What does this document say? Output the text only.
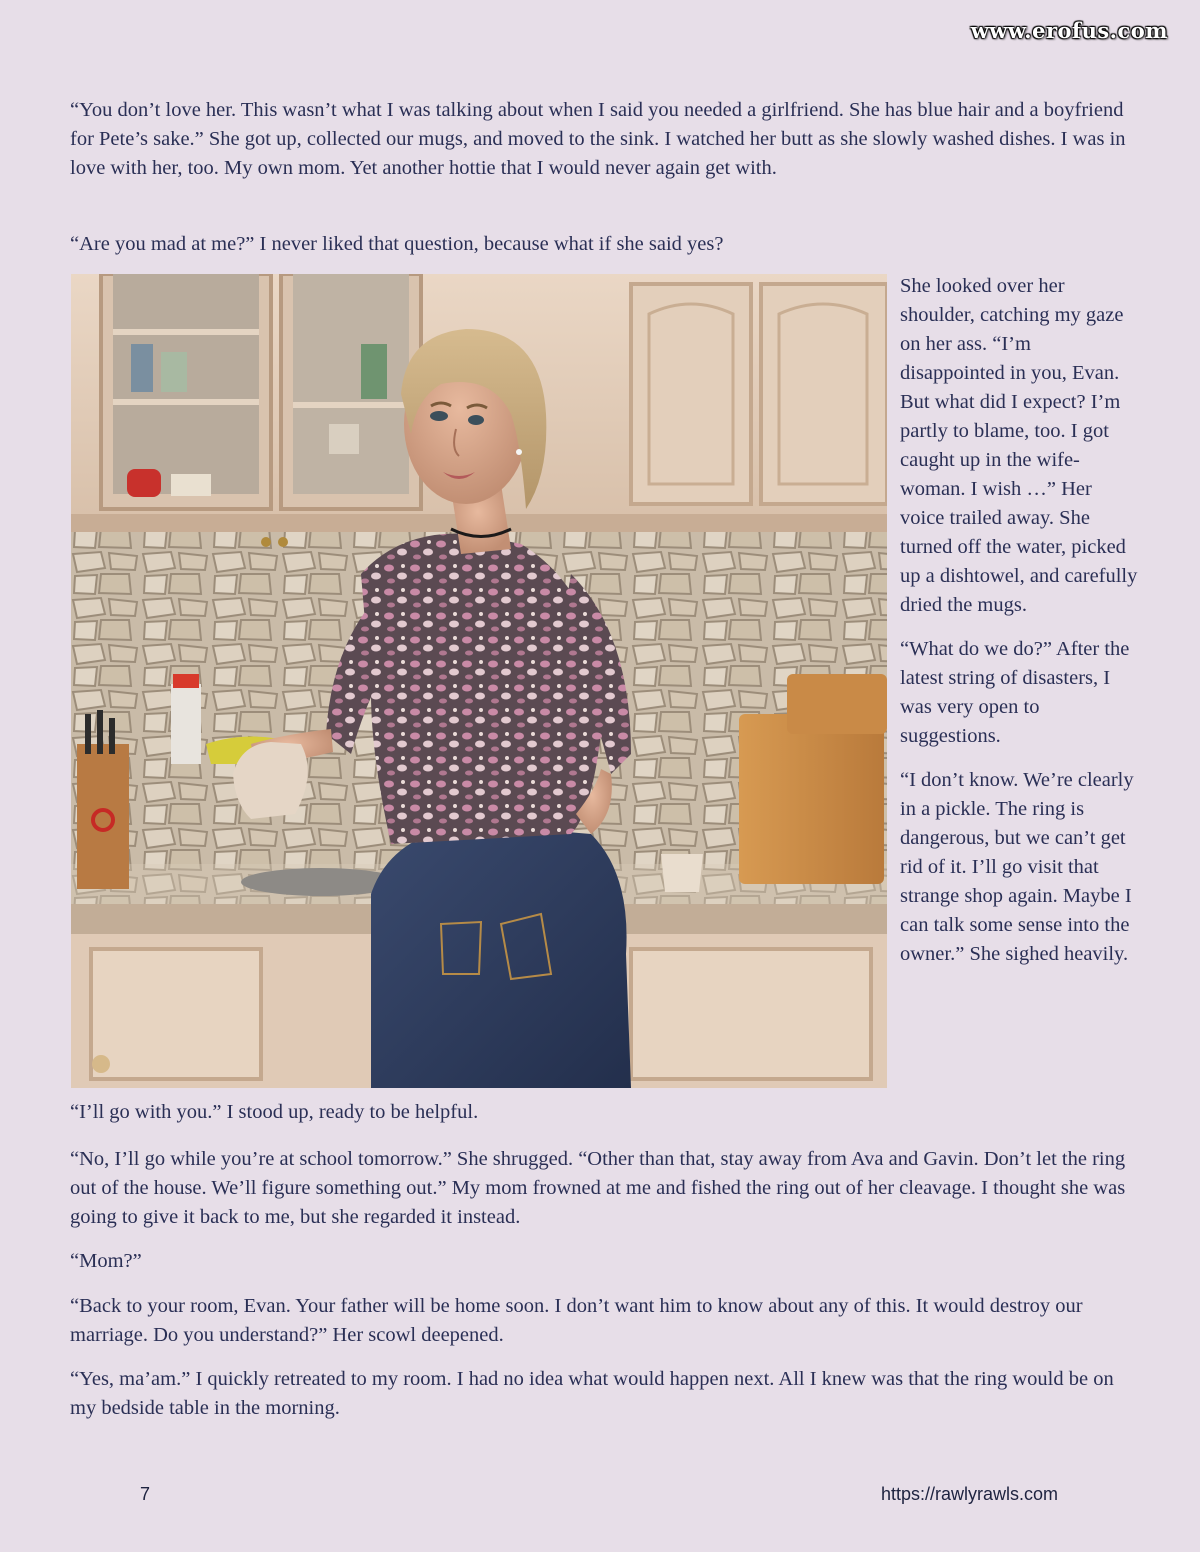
www.erofus.com

“You don’t love her. This wasn’t what I was talking about when I said you needed a girlfriend. She has blue hair and a boyfriend for Pete’s sake.” She got up, collected our mugs, and moved to the sink. I watched her butt as she slowly washed dishes. I was in love with her, too. My own mom. Yet another hottie that I would never again get with.

“Are you mad at me?” I never liked that question, because what if she said yes?

She looked over her shoulder, catching my gaze on her ass. “I’m disappointed in you, Evan. But what did I expect? I’m partly to blame, too. I got caught up in the wife-woman. I wish …” Her voice trailed away. She turned off the water, picked up a dishtowel, and carefully dried the mugs.

“What do we do?” After the latest string of disasters, I was very open to suggestions.

“I don’t know. We’re clearly in a pickle. The ring is dangerous, but we can’t get rid of it. I’ll go visit that strange shop again. Maybe I can talk some sense into the owner.” She sighed heavily.

“I’ll go with you.” I stood up, ready to be helpful.

“No, I’ll go while you’re at school tomorrow.” She shrugged. “Other than that, stay away from Ava and Gavin. Don’t let the ring out of the house. We’ll figure something out.” My mom frowned at me and fished the ring out of her cleavage. I thought she was going to give it back to me, but she regarded it instead.

“Mom?”

“Back to your room, Evan. Your father will be home soon. I don’t want him to know about any of this. It would destroy our marriage. Do you understand?” Her scowl deepened.

“Yes, ma’am.” I quickly retreated to my room. I had no idea what would happen next. All I knew was that the ring would be on my bedside table in the morning.

7	https://rawlyrawls.com
